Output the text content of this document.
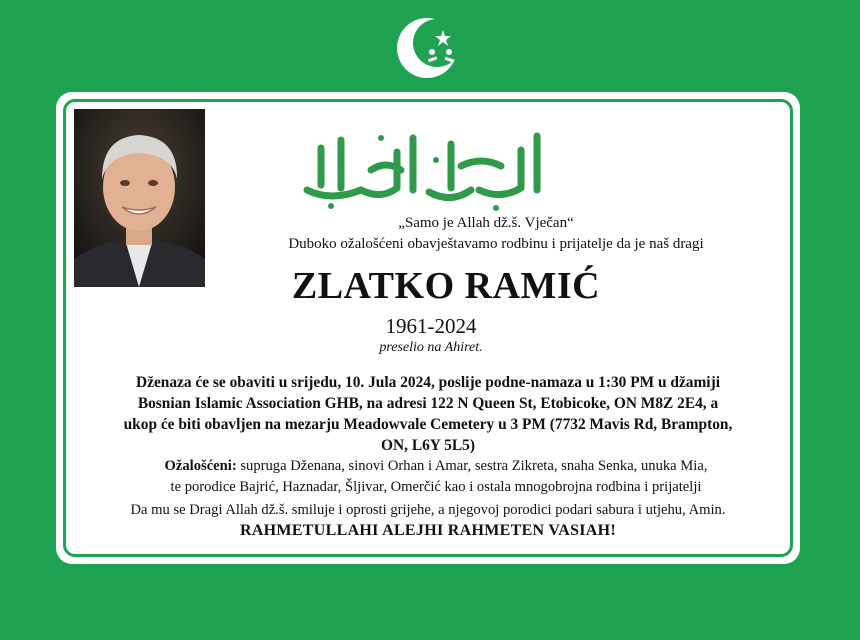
„Samo je Allah dž.š. Vječan“
Duboko ožalošćeni obavještavamo rodbinu i prijatelje da je naš dragi
ZLATKO RAMIĆ
1961-2024
preselio na Ahiret.
Dženaza će se obaviti u srijedu, 10. Jula 2024, poslije podne-namaza u 1:30 PM u džamiji
Bosnian Islamic Association GHB, na adresi 122 N Queen St, Etobicoke, ON M8Z 2E4, a
ukop će biti obavljen na mezarju Meadowvale Cemetery u 3 PM (7732 Mavis Rd, Brampton,
ON, L6Y 5L5)
Ožalošćeni: supruga Dženana, sinovi Orhan i Amar, sestra Zikreta, snaha Senka, unuka Mia,
te porodice Bajrić, Haznadar, Šljivar, Omerčić kao i ostala mnogobrojna rodbina i prijatelji
Da mu se Dragi Allah dž.š. smiluje i oprosti grijehe, a njegovoj porodici podari sabura i utjehu, Amin.
RAHMETULLAHI ALEJHI RAHMETEN VASIAH!
